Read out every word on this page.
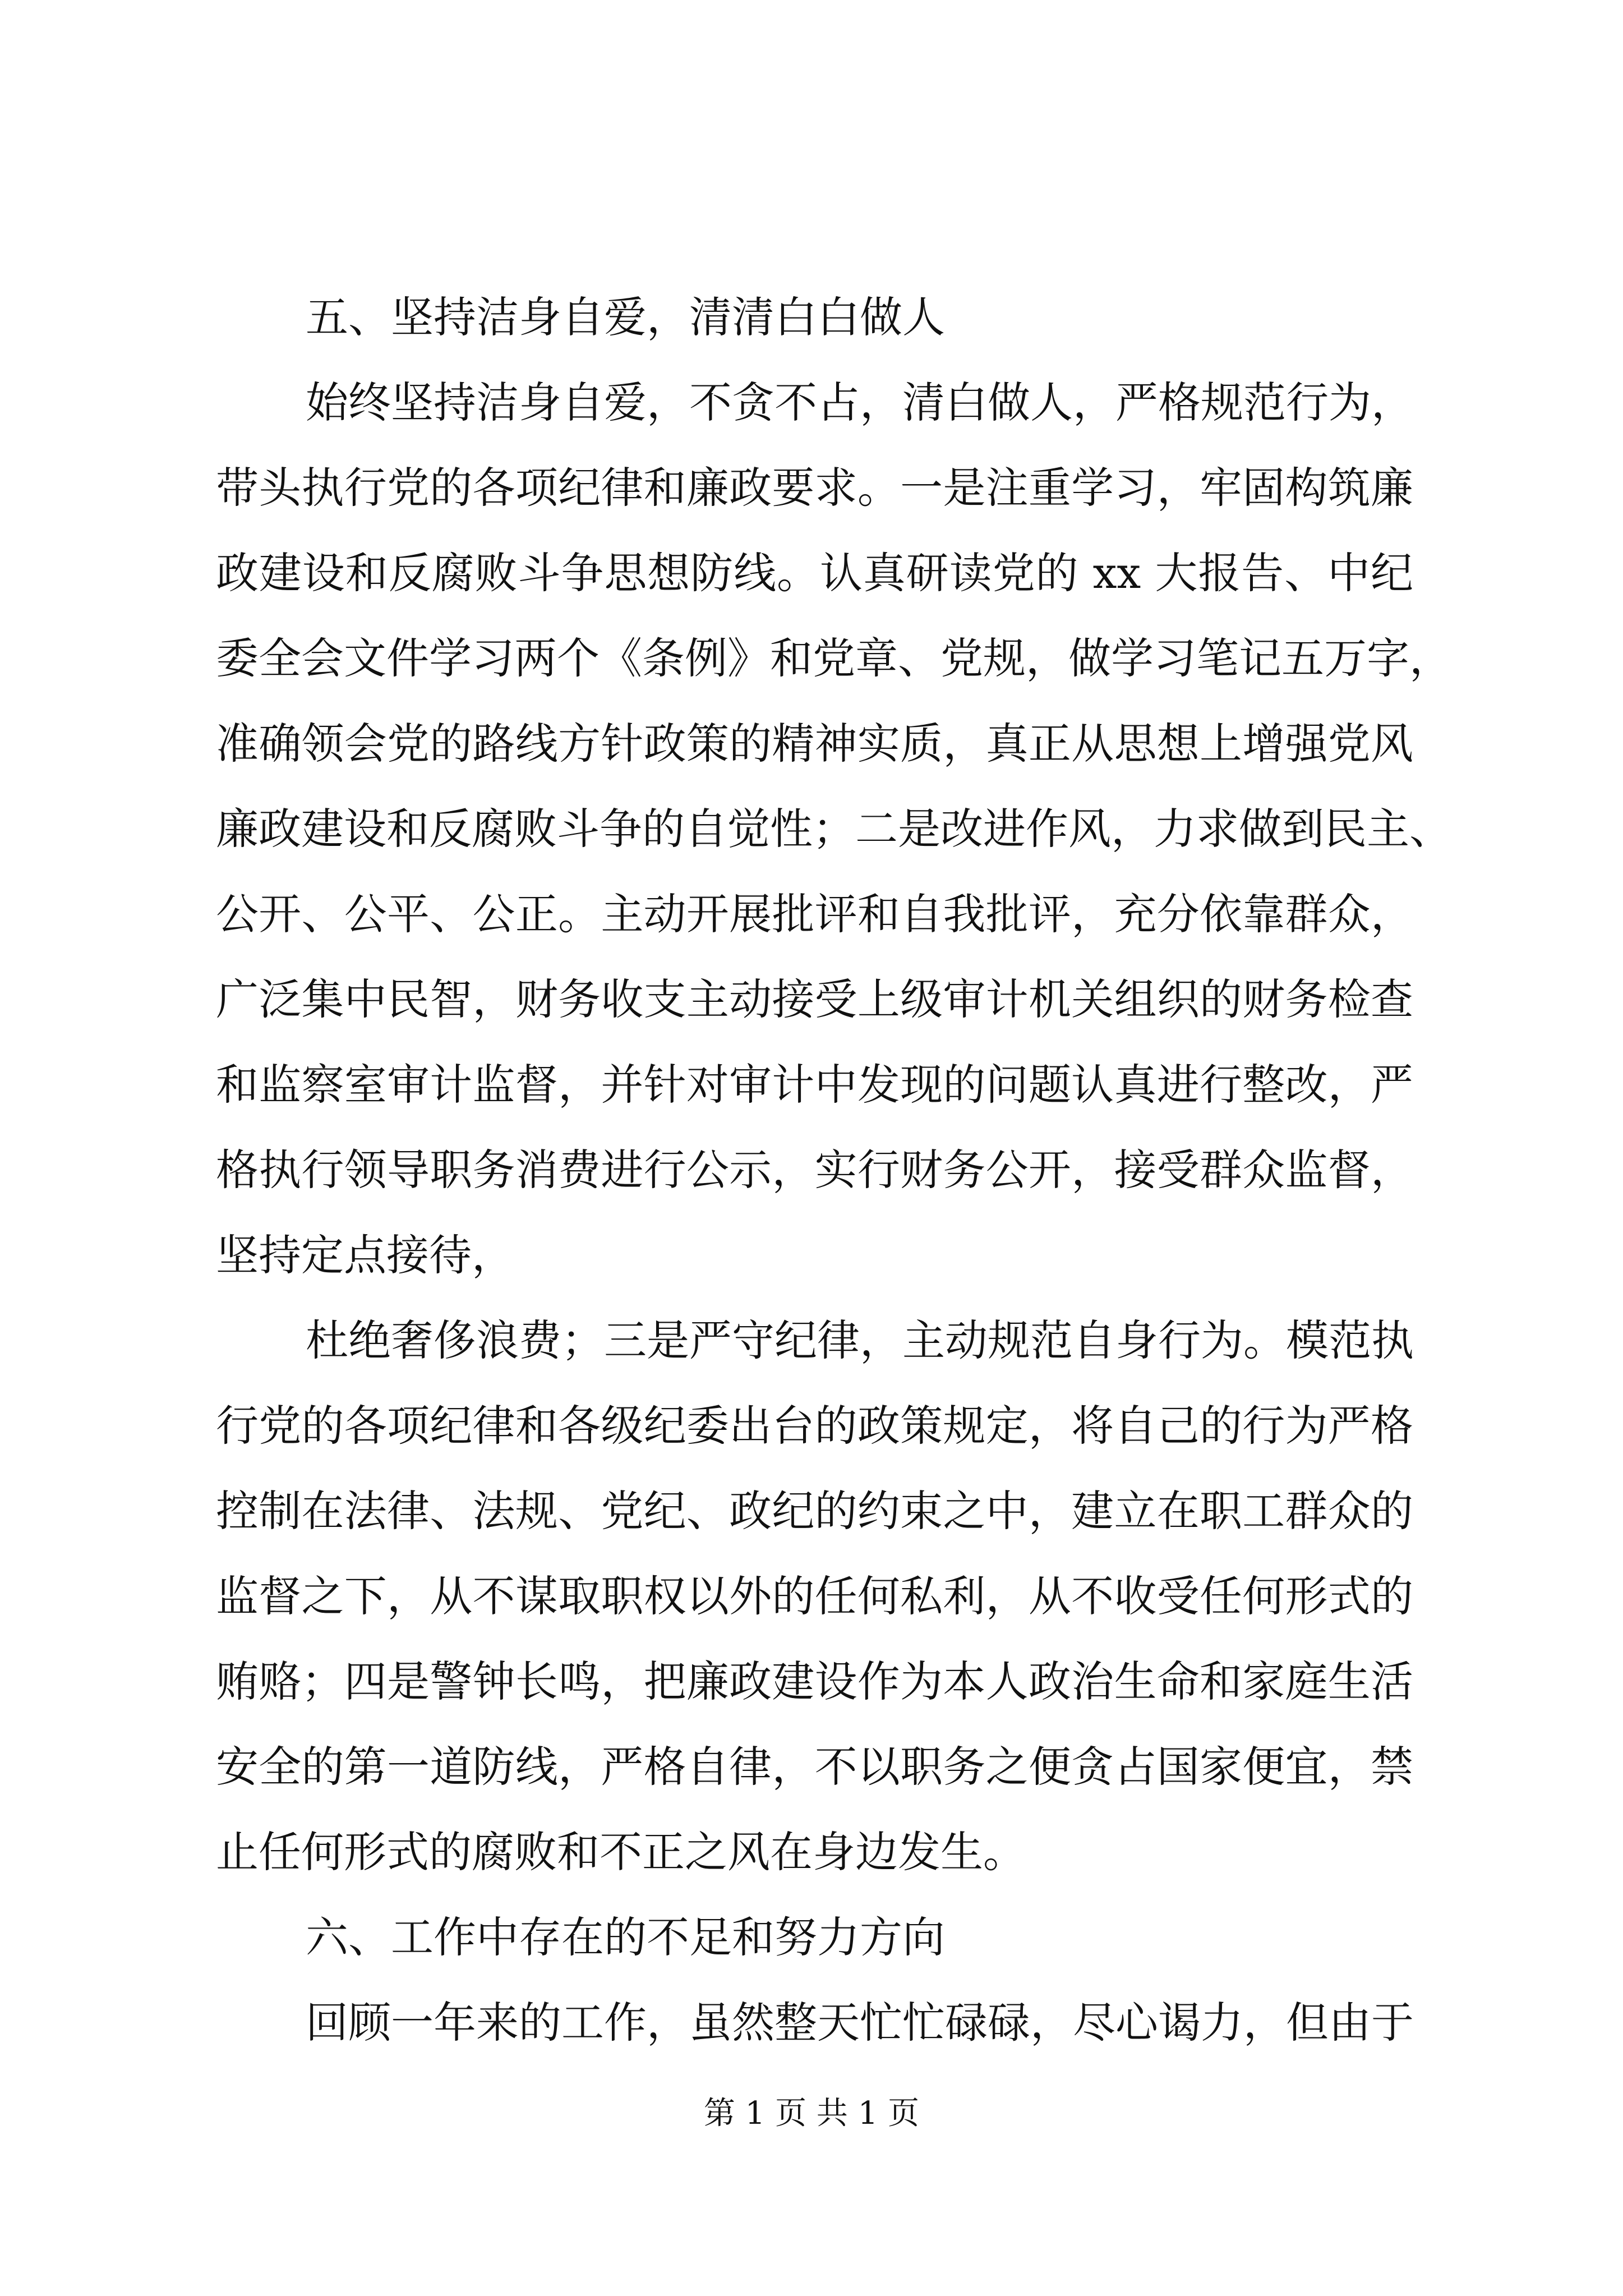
五、坚持洁身自爱，清清白白做人
始终坚持洁身自爱，不贪不占，清白做人，严格规范行为，
带头执行党的各项纪律和廉政要求。一是注重学习，牢固构筑廉
政建设和反腐败斗争思想防线。认真研读党的 xx 大报告、中纪
委全会文件学习两个《条例》和党章、党规，做学习笔记五万字，
准确领会党的路线方针政策的精神实质，真正从思想上增强党风
廉政建设和反腐败斗争的自觉性；二是改进作风，力求做到民主、
公开、公平、公正。主动开展批评和自我批评，充分依靠群众，
广泛集中民智，财务收支主动接受上级审计机关组织的财务检查
和监察室审计监督，并针对审计中发现的问题认真进行整改，严
格执行领导职务消费进行公示，实行财务公开，接受群众监督，
坚持定点接待，
杜绝奢侈浪费；三是严守纪律，主动规范自身行为。模范执
行党的各项纪律和各级纪委出台的政策规定，将自己的行为严格
控制在法律、法规、党纪、政纪的约束之中，建立在职工群众的
监督之下，从不谋取职权以外的任何私利，从不收受任何形式的
贿赂；四是警钟长鸣，把廉政建设作为本人政治生命和家庭生活
安全的第一道防线，严格自律，不以职务之便贪占国家便宜，禁
止任何形式的腐败和不正之风在身边发生。
六、工作中存在的不足和努力方向
回顾一年来的工作，虽然整天忙忙碌碌，尽心谒力，但由于
第 1 页 共 1 页
